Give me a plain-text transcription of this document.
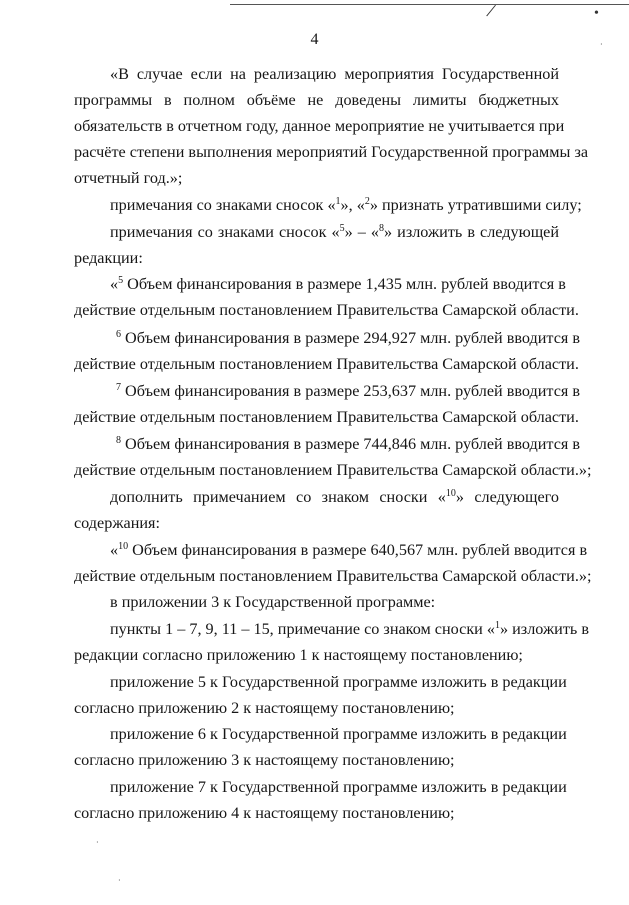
/	•
4
«В случае если на реализацию мероприятия Государственной
программы в полном объёме не доведены лимиты бюджетных
обязательств в отчетном году, данное мероприятие не учитывается при
расчёте степени выполнения мероприятий Государственной программы за
отчетный год.»;
примечания со знаками сносок «$^1$», «$^2$» признать утратившими силу;
примечания со знаками сносок «$^5$» – «$^8$» изложить в следующей
редакции:
«$^5$ Объем финансирования в размере 1,435 млн. рублей вводится в
действие отдельным постановлением Правительства Самарской области.
$^6$ Объем финансирования в размере 294,927 млн. рублей вводится в
действие отдельным постановлением Правительства Самарской области.
$^7$ Объем финансирования в размере 253,637 млн. рублей вводится в
действие отдельным постановлением Правительства Самарской области.
$^8$ Объем финансирования в размере 744,846 млн. рублей вводится в
действие отдельным постановлением Правительства Самарской области.»;
дополнить примечанием со знаком сноски «$^{10}$» следующего
содержания:
«$^{10}$ Объем финансирования в размере 640,567 млн. рублей вводится в
действие отдельным постановлением Правительства Самарской области.»;
в приложении 3 к Государственной программе:
пункты 1 – 7, 9, 11 – 15, примечание со знаком сноски «$^1$» изложить в
редакции согласно приложению 1 к настоящему постановлению;
приложение 5 к Государственной программе изложить в редакции
согласно приложению 2 к настоящему постановлению;
приложение 6 к Государственной программе изложить в редакции
согласно приложению 3 к настоящему постановлению;
приложение 7 к Государственной программе изложить в редакции
согласно приложению 4 к настоящему постановлению;
·
·
·
